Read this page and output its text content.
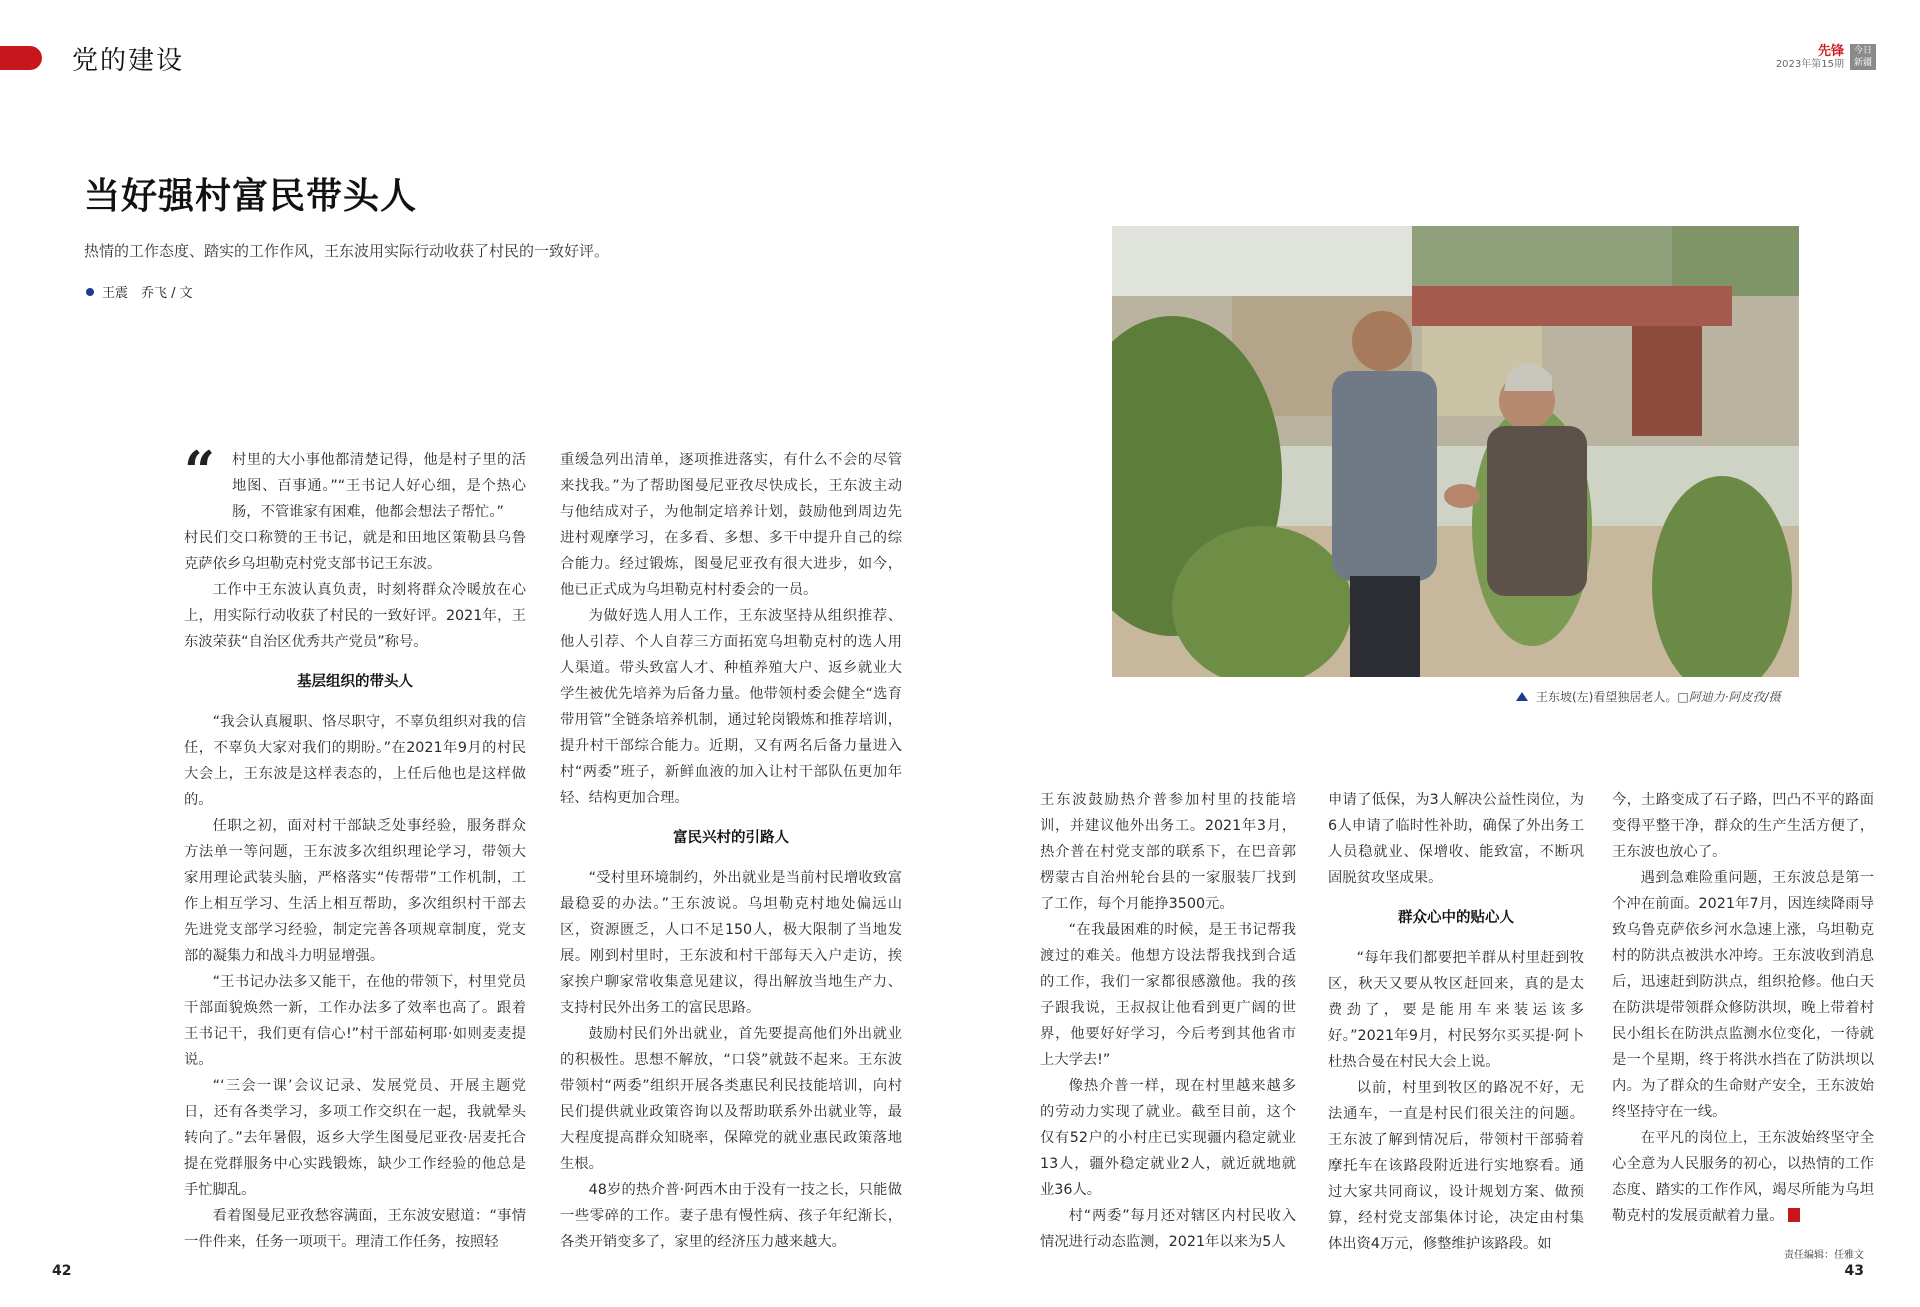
党的建设	先锋
2023年第15期
今日 新疆
当好强村富民带头人
热情的工作态度、踏实的工作作风，王东波用实际行动收获了村民的一致好评。
王震　乔飞 / 文
“	村里的大小事他都清楚记得，他是村子里的活地图、百事通。”“王书记人好心细，是个热心肠，不管谁家有困难，他都会想法子帮忙。”

村民们交口称赞的王书记，就是和田地区策勒县乌鲁克萨依乡乌坦勒克村党支部书记王东波。

工作中王东波认真负责，时刻将群众冷暖放在心上，用实际行动收获了村民的一致好评。2021年，王东波荣获“自治区优秀共产党员”称号。

基层组织的带头人

“我会认真履职、恪尽职守，不辜负组织对我的信任，不辜负大家对我们的期盼。”在2021年9月的村民大会上，王东波是这样表态的，上任后他也是这样做的。

任职之初，面对村干部缺乏处事经验，服务群众方法单一等问题，王东波多次组织理论学习，带领大家用理论武装头脑，严格落实“传帮带”工作机制，工作上相互学习、生活上相互帮助，多次组织村干部去先进党支部学习经验，制定完善各项规章制度，党支部的凝集力和战斗力明显增强。

“王书记办法多又能干，在他的带领下，村里党员干部面貌焕然一新，工作办法多了效率也高了。跟着王书记干，我们更有信心!”村干部茹柯耶·如则麦麦提说。

“‘三会一课’会议记录、发展党员、开展主题党日，还有各类学习，多项工作交织在一起，我就晕头转向了。”去年暑假，返乡大学生图曼尼亚孜·居麦托合提在党群服务中心实践锻炼，缺少工作经验的他总是手忙脚乱。

看着图曼尼亚孜愁容满面，王东波安慰道：“事情一件件来，任务一项项干。理清工作任务，按照轻

重缓急列出清单，逐项推进落实，有什么不会的尽管来找我。”为了帮助图曼尼亚孜尽快成长，王东波主动与他结成对子，为他制定培养计划，鼓励他到周边先进村观摩学习，在多看、多想、多干中提升自己的综合能力。经过锻炼，图曼尼亚孜有很大进步，如今，他已正式成为乌坦勒克村村委会的一员。

为做好选人用人工作，王东波坚持从组织推荐、他人引荐、个人自荐三方面拓宽乌坦勒克村的选人用人渠道。带头致富人才、种植养殖大户、返乡就业大学生被优先培养为后备力量。他带领村委会健全“选育带用管”全链条培养机制，通过轮岗锻炼和推荐培训，提升村干部综合能力。近期，又有两名后备力量进入村“两委”班子，新鲜血液的加入让村干部队伍更加年轻、结构更加合理。

富民兴村的引路人

“受村里环境制约，外出就业是当前村民增收致富最稳妥的办法。”王东波说。乌坦勒克村地处偏远山区，资源匮乏，人口不足150人，极大限制了当地发展。刚到村里时，王东波和村干部每天入户走访，挨家挨户聊家常收集意见建议，得出解放当地生产力、支持村民外出务工的富民思路。

鼓励村民们外出就业，首先要提高他们外出就业的积极性。思想不解放，“口袋”就鼓不起来。王东波带领村“两委”组织开展各类惠民利民技能培训，向村民们提供就业政策咨询以及帮助联系外出就业等，最大程度提高群众知晓率，保障党的就业惠民政策落地生根。

48岁的热介普·阿西木由于没有一技之长，只能做一些零碎的工作。妻子患有慢性病、孩子年纪渐长，各类开销变多了，家里的经济压力越来越大。

王东坡(左)看望独居老人。□阿迪力·阿皮孜/摄

王东波鼓励热介普参加村里的技能培训，并建议他外出务工。2021年3月，热介普在村党支部的联系下，在巴音郭楞蒙古自治州轮台县的一家服装厂找到了工作，每个月能挣3500元。

“在我最困难的时候，是王书记帮我渡过的难关。他想方设法帮我找到合适的工作，我们一家都很感激他。我的孩子跟我说，王叔叔让他看到更广阔的世界，他要好好学习，今后考到其他省市上大学去!”

像热介普一样，现在村里越来越多的劳动力实现了就业。截至目前，这个仅有52户的小村庄已实现疆内稳定就业13人，疆外稳定就业2人，就近就地就业36人。

村“两委”每月还对辖区内村民收入情况进行动态监测，2021年以来为5人

申请了低保，为3人解决公益性岗位，为6人申请了临时性补助，确保了外出务工人员稳就业、保增收、能致富，不断巩固脱贫攻坚成果。

群众心中的贴心人

“每年我们都要把羊群从村里赶到牧区，秋天又要从牧区赶回来，真的是太费劲了，要是能用车来装运该多好。”2021年9月，村民努尔买买提·阿卜杜热合曼在村民大会上说。

以前，村里到牧区的路况不好，无法通车，一直是村民们很关注的问题。王东波了解到情况后，带领村干部骑着摩托车在该路段附近进行实地察看。通过大家共同商议，设计规划方案、做预算，经村党支部集体讨论，决定由村集体出资4万元，修整维护该路段。如

今，土路变成了石子路，凹凸不平的路面变得平整干净，群众的生产生活方便了，王东波也放心了。

遇到急难险重问题，王东波总是第一个冲在前面。2021年7月，因连续降雨导致乌鲁克萨依乡河水急速上涨，乌坦勒克村的防洪点被洪水冲垮。王东波收到消息后，迅速赶到防洪点，组织抢修。他白天在防洪堤带领群众修防洪坝，晚上带着村民小组长在防洪点监测水位变化，一待就是一个星期，终于将洪水挡在了防洪坝以内。为了群众的生命财产安全，王东波始终坚持守在一线。

在平凡的岗位上，王东波始终坚守全心全意为人民服务的初心，以热情的工作态度、踏实的工作作风，竭尽所能为乌坦勒克村的发展贡献着力量。

42
责任编辑：任雅文
43
